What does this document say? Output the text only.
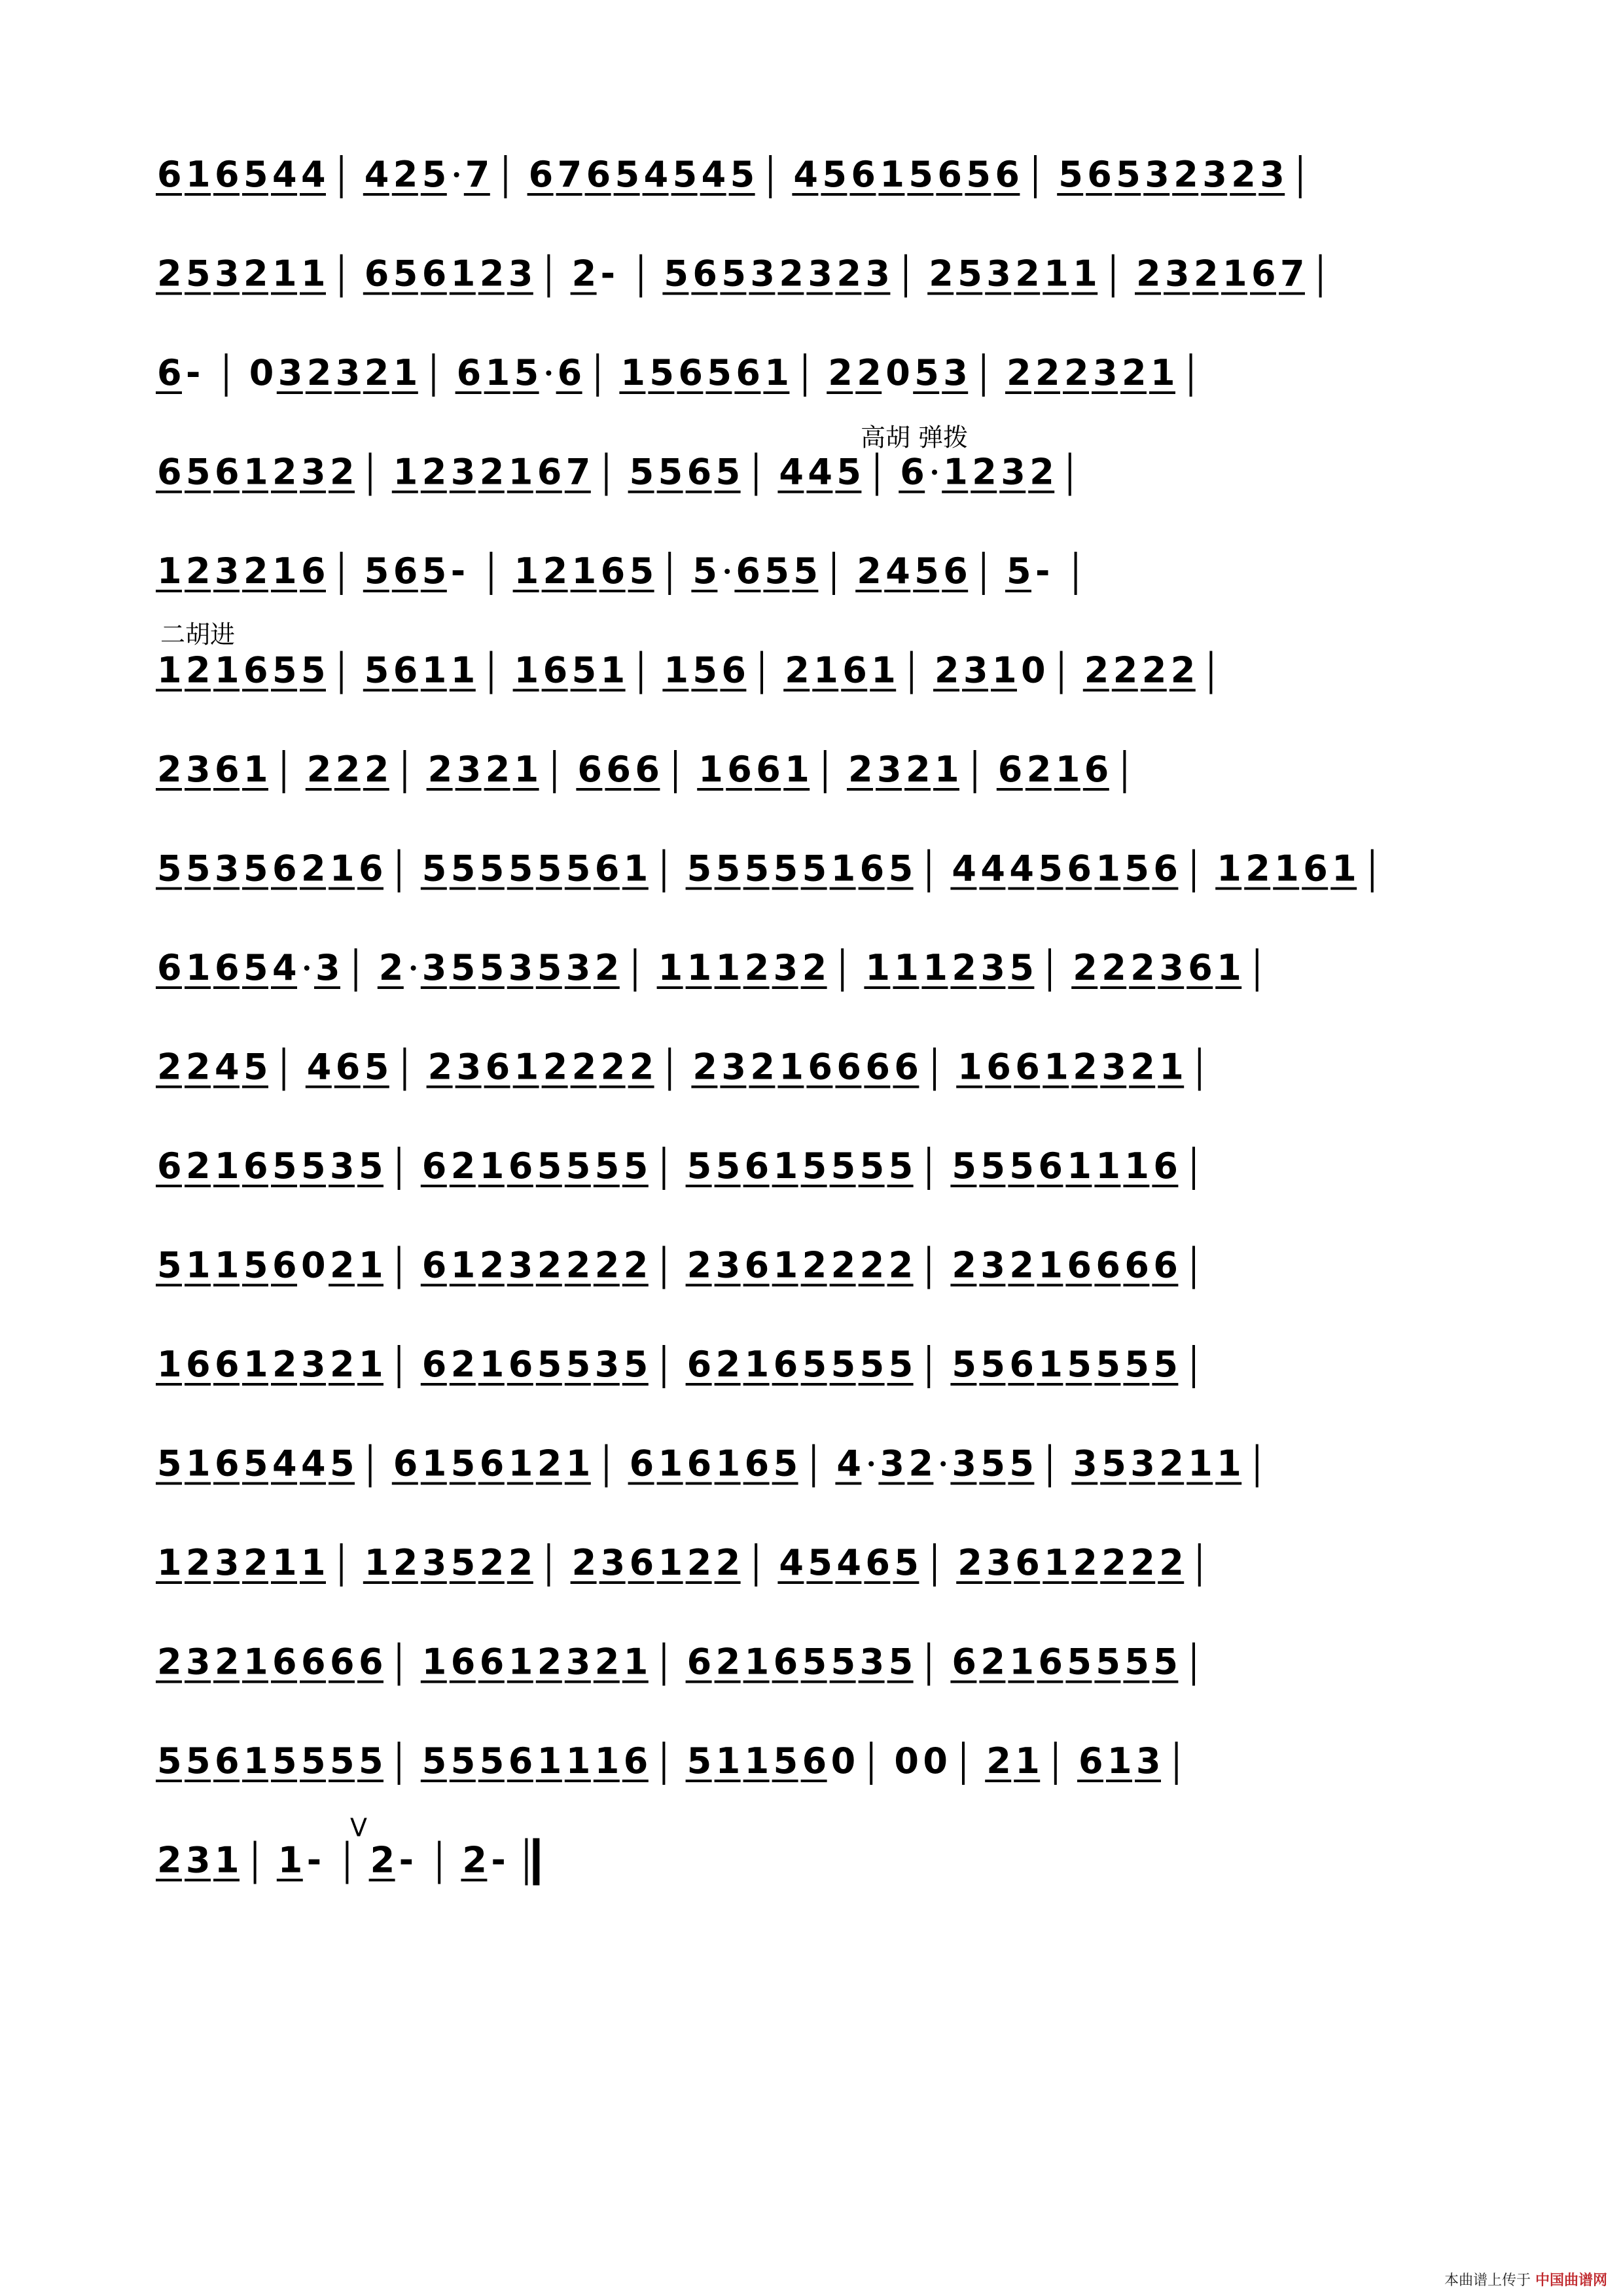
6 1 6 5 4 4 4 2 5 7 6 7 6 5 4 5 4 5 4 5 6 1 5 6 5 6 5 6 5 3 2 3 2 3
2 5 3 2 1 1 6 5 6 1 2 3 2 - 5 6 5 3 2 3 2 3 2 5 3 2 1 1 2 3 2 1 6 7
6 - 0 3 2 3 2 1 6 1 5 6 1 5 6 5 6 1 2 2 0 5 3 2 2 2 3 2 1
6 5 6 1 2 3 2 1 2 3 2 1 6 7 5 5 6 5 4 4 5 6 1 2 3 2
1 2 3 2 1 6 5 6 5 - 1 2 1 6 5 5 6 5 5 2 4 5 6 5 -
1 2 1 6 5 5 5 6 1 1 1 6 5 1 1 5 6 2 1 6 1 2 3 1 0 2 2 2 2
2 3 6 1 2 2 2 2 3 2 1 6 6 6 1 6 6 1 2 3 2 1 6 2 1 6
5 5 3 5 6 2 1 6 5 5 5 5 5 5 6 1 5 5 5 5 5 1 6 5 4 4 4 5 6 1 5 6 1 2 1 6 1
6 1 6 5 4 3 2 3 5 5 3 5 3 2 1 1 1 2 3 2 1 1 1 2 3 5 2 2 2 3 6 1
2 2 4 5 4 6 5 2 3 6 1 2 2 2 2 2 3 2 1 6 6 6 6 1 6 6 1 2 3 2 1
6 2 1 6 5 5 3 5 6 2 1 6 5 5 5 5 5 5 6 1 5 5 5 5 5 5 5 6 1 1 1 6
5 1 1 5 6 0 2 1 6 1 2 3 2 2 2 2 2 3 6 1 2 2 2 2 2 3 2 1 6 6 6 6
1 6 6 1 2 3 2 1 6 2 1 6 5 5 3 5 6 2 1 6 5 5 5 5 5 5 6 1 5 5 5 5
5 1 6 5 4 4 5 6 1 5 6 1 2 1 6 1 6 1 6 5 4 3 2 3 5 5 3 5 3 2 1 1
1 2 3 2 1 1 1 2 3 5 2 2 2 3 6 1 2 2 4 5 4 6 5 2 3 6 1 2 2 2 2
2 3 2 1 6 6 6 6 1 6 6 1 2 3 2 1 6 2 1 6 5 5 3 5 6 2 1 6 5 5 5 5
5 5 6 1 5 5 5 5 5 5 5 6 1 1 1 6 5 1 1 5 6 0 0 0 2 1 6 1 3
2 3 1 1 - 2 - 2 -
高胡 弹拨
二胡进
V
本曲谱上传于 中国曲谱网
